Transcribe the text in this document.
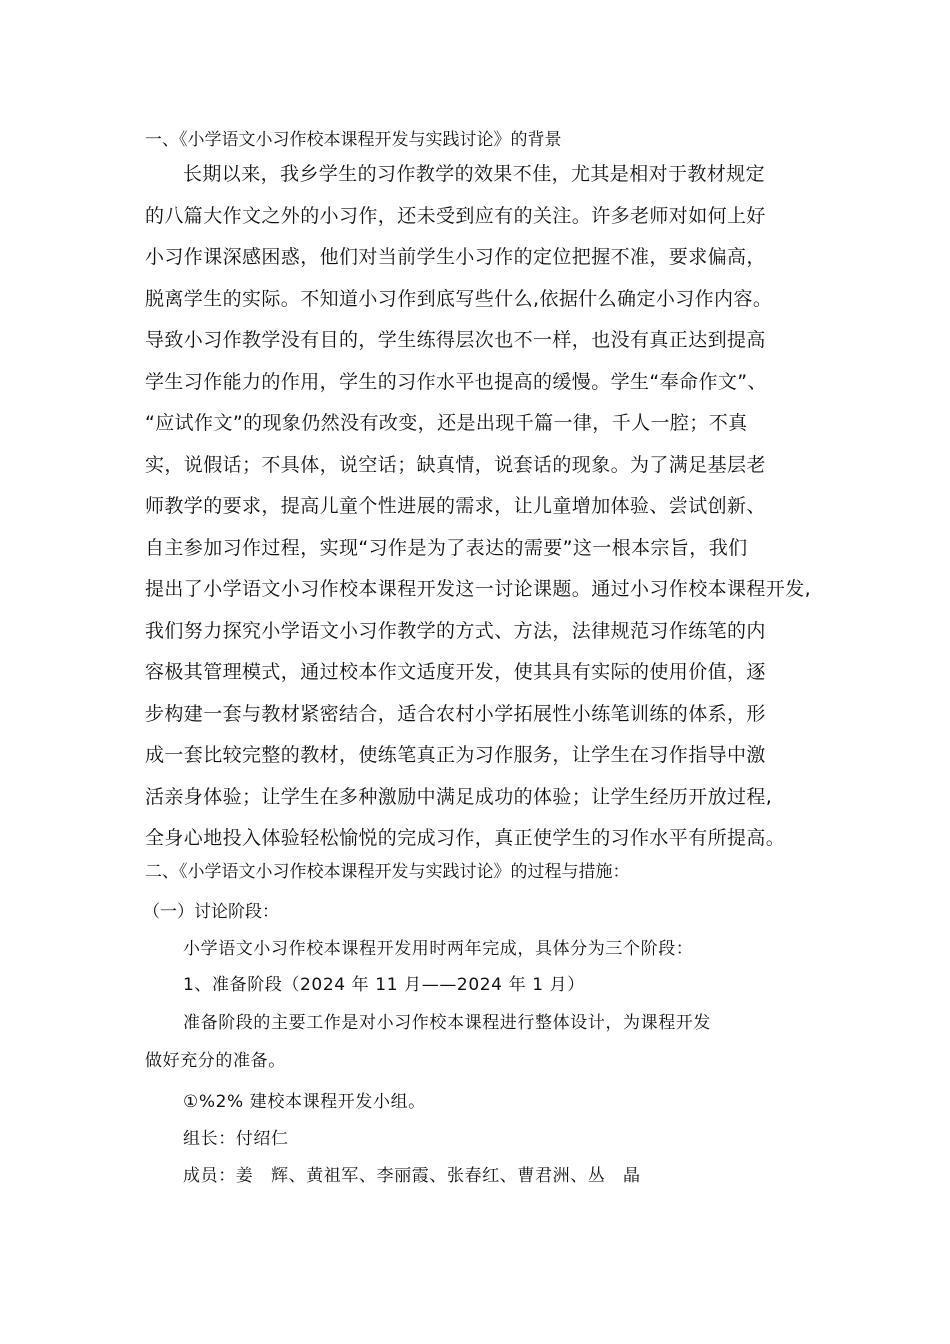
一、《小学语文小习作校本课程开发与实践讨论》的背景
长期以来，我乡学生的习作教学的效果不佳，尤其是相对于教材规定
的八篇大作文之外的小习作，还未受到应有的关注。许多老师对如何上好
小习作课深感困惑，他们对当前学生小习作的定位把握不准，要求偏高，
脱离学生的实际。不知道小习作到底写些什么,依据什么确定小习作内容。
导致小习作教学没有目的，学生练得层次也不一样，也没有真正达到提高
学生习作能力的作用，学生的习作水平也提高的缓慢。学生“奉命作文”、
“应试作文”的现象仍然没有改变，还是出现千篇一律，千人一腔；不真
实，说假话；不具体，说空话；缺真情，说套话的现象。为了满足基层老
师教学的要求，提高儿童个性进展的需求，让儿童增加体验、尝试创新、
自主参加习作过程，实现“习作是为了表达的需要”这一根本宗旨，我们
提出了小学语文小习作校本课程开发这一讨论课题。通过小习作校本课程开发,
我们努力探究小学语文小习作教学的方式、方法，法律规范习作练笔的内
容极其管理模式，通过校本作文适度开发，使其具有实际的使用价值，逐
步构建一套与教材紧密结合，适合农村小学拓展性小练笔训练的体系，形
成一套比较完整的教材，使练笔真正为习作服务，让学生在习作指导中激
活亲身体验；让学生在多种激励中满足成功的体验；让学生经历开放过程,
全身心地投入体验轻松愉悦的完成习作，真正使学生的习作水平有所提高。
二、《小学语文小习作校本课程开发与实践讨论》的过程与措施：
（一）讨论阶段：
小学语文小习作校本课程开发用时两年完成，具体分为三个阶段：
1、准备阶段（2024 年 11 月——2024 年 1 月）
准备阶段的主要工作是对小习作校本课程进行整体设计，为课程开发
做好充分的准备。
①%2% 建校本课程开发小组。
组长：付绍仁
成员：姜　辉、黄祖军、李丽霞、张春红、曹君洲、丛　晶
